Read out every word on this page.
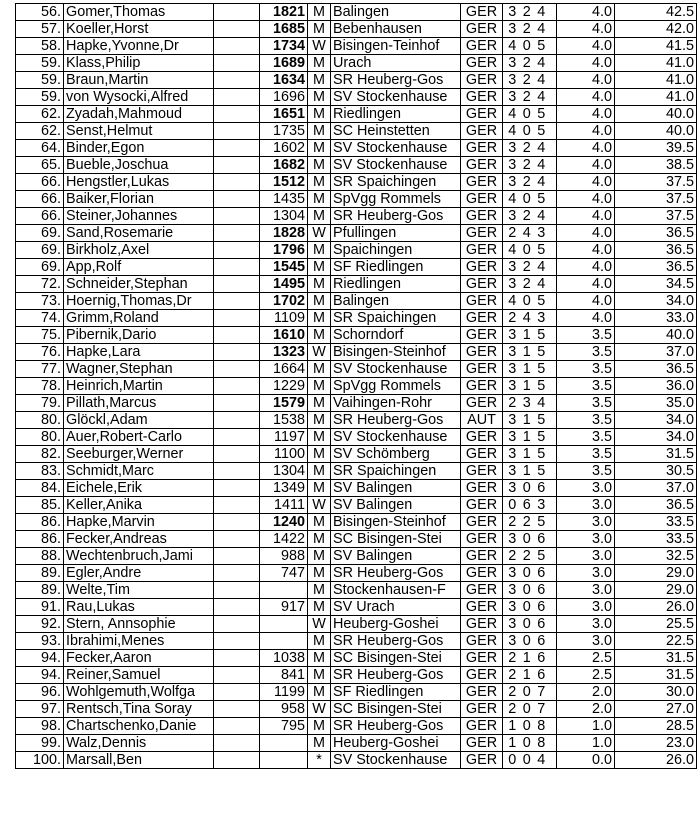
56.	Gomer,Thomas		1821	M	Balingen	GER	3 2 4	4.0	42.5
57.	Koeller,Horst		1685	M	Bebenhausen	GER	3 2 4	4.0	42.0
58.	Hapke,Yvonne,Dr		1734	W	Bisingen-Teinhof	GER	4 0 5	4.0	41.5
59.	Klass,Philip		1689	M	Urach	GER	3 2 4	4.0	41.0
59.	Braun,Martin		1634	M	SR Heuberg-Gos	GER	3 2 4	4.0	41.0
59.	von Wysocki,Alfred		1696	M	SV Stockenhause	GER	3 2 4	4.0	41.0
62.	Zyadah,Mahmoud		1651	M	Riedlingen	GER	4 0 5	4.0	40.0
62.	Senst,Helmut		1735	M	SC Heinstetten	GER	4 0 5	4.0	40.0
64.	Binder,Egon		1602	M	SV Stockenhause	GER	3 2 4	4.0	39.5
65.	Bueble,Joschua		1682	M	SV Stockenhause	GER	3 2 4	4.0	38.5
66.	Hengstler,Lukas		1512	M	SR Spaichingen	GER	3 2 4	4.0	37.5
66.	Baiker,Florian		1435	M	SpVgg Rommels	GER	4 0 5	4.0	37.5
66.	Steiner,Johannes		1304	M	SR Heuberg-Gos	GER	3 2 4	4.0	37.5
69.	Sand,Rosemarie		1828	W	Pfullingen	GER	2 4 3	4.0	36.5
69.	Birkholz,Axel		1796	M	Spaichingen	GER	4 0 5	4.0	36.5
69.	App,Rolf		1545	M	SF Riedlingen	GER	3 2 4	4.0	36.5
72.	Schneider,Stephan		1495	M	Riedlingen	GER	3 2 4	4.0	34.5
73.	Hoernig,Thomas,Dr		1702	M	Balingen	GER	4 0 5	4.0	34.0
74.	Grimm,Roland		1109	M	SR Spaichingen	GER	2 4 3	4.0	33.0
75.	Pibernik,Dario		1610	M	Schorndorf	GER	3 1 5	3.5	40.0
76.	Hapke,Lara		1323	W	Bisingen-Steinhof	GER	3 1 5	3.5	37.0
77.	Wagner,Stephan		1664	M	SV Stockenhause	GER	3 1 5	3.5	36.5
78.	Heinrich,Martin		1229	M	SpVgg Rommels	GER	3 1 5	3.5	36.0
79.	Pillath,Marcus		1579	M	Vaihingen-Rohr	GER	2 3 4	3.5	35.0
80.	Glöckl,Adam		1538	M	SR Heuberg-Gos	AUT	3 1 5	3.5	34.0
80.	Auer,Robert-Carlo		1197	M	SV Stockenhause	GER	3 1 5	3.5	34.0
82.	Seeburger,Werner		1100	M	SV Schömberg	GER	3 1 5	3.5	31.5
83.	Schmidt,Marc		1304	M	SR Spaichingen	GER	3 1 5	3.5	30.5
84.	Eichele,Erik		1349	M	SV Balingen	GER	3 0 6	3.0	37.0
85.	Keller,Anika		1411	W	SV Balingen	GER	0 6 3	3.0	36.5
86.	Hapke,Marvin		1240	M	Bisingen-Steinhof	GER	2 2 5	3.0	33.5
86.	Fecker,Andreas		1422	M	SC Bisingen-Stei	GER	3 0 6	3.0	33.5
88.	Wechtenbruch,Jami		988	M	SV Balingen	GER	2 2 5	3.0	32.5
89.	Egler,Andre		747	M	SR Heuberg-Gos	GER	3 0 6	3.0	29.0
89.	Welte,Tim			M	Stockenhausen-F	GER	3 0 6	3.0	29.0
91.	Rau,Lukas		917	M	SV Urach	GER	3 0 6	3.0	26.0
92.	Stern, Annsophie			W	Heuberg-Goshei	GER	3 0 6	3.0	25.5
93.	Ibrahimi,Menes			M	SR Heuberg-Gos	GER	3 0 6	3.0	22.5
94.	Fecker,Aaron		1038	M	SC Bisingen-Stei	GER	2 1 6	2.5	31.5
94.	Reiner,Samuel		841	M	SR Heuberg-Gos	GER	2 1 6	2.5	31.5
96.	Wohlgemuth,Wolfga		1199	M	SF Riedlingen	GER	2 0 7	2.0	30.0
97.	Rentsch,Tina Soray		958	W	SC Bisingen-Stei	GER	2 0 7	2.0	27.0
98.	Chartschenko,Danie		795	M	SR Heuberg-Gos	GER	1 0 8	1.0	28.5
99.	Walz,Dennis			M	Heuberg-Goshei	GER	1 0 8	1.0	23.0
100.	Marsall,Ben			*	SV Stockenhause	GER	0 0 4	0.0	26.0
